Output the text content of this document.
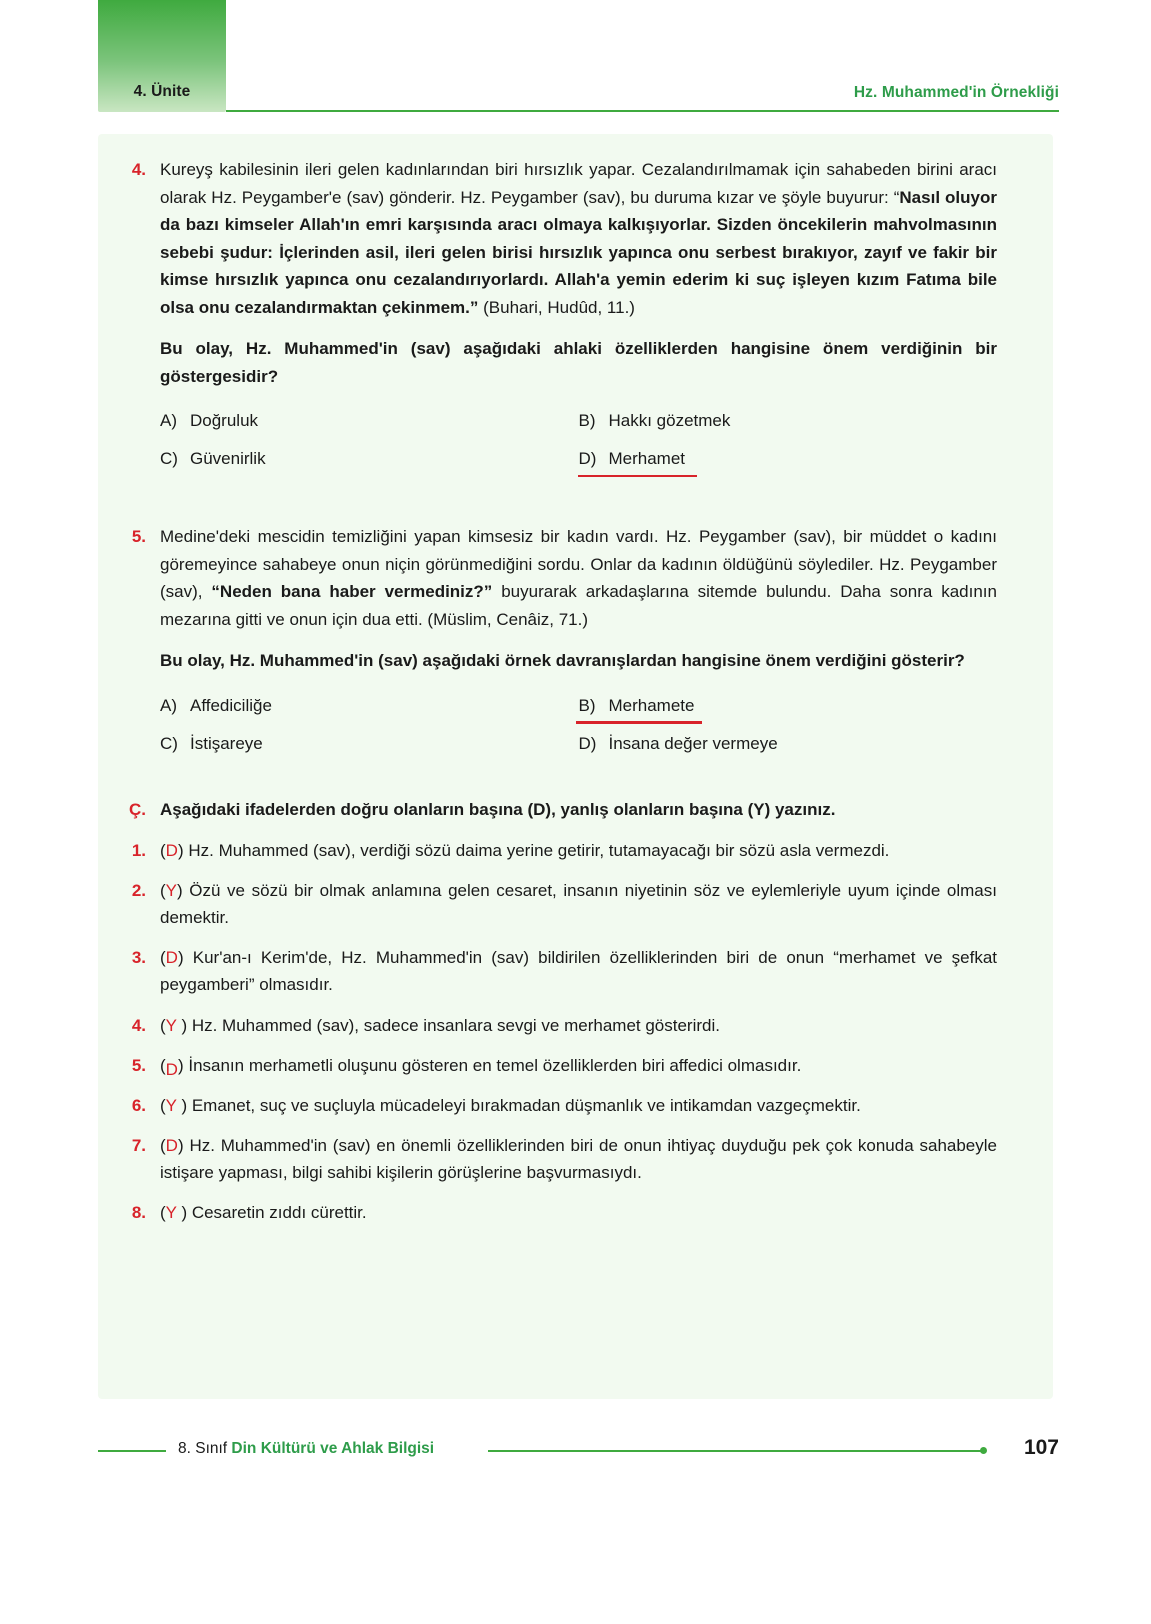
4. Ünite	Hz. Muhammed'in Örnekliği
4. Kureyş kabilesinin ileri gelen kadınlarından biri hırsızlık yapar. Cezalandırılmamak için sahabeden birini aracı olarak Hz. Peygamber'e (sav) gönderir. Hz. Peygamber (sav), bu duruma kızar ve şöyle buyurur: “Nasıl oluyor da bazı kimseler Allah'ın emri karşısında aracı olmaya kalkışıyorlar. Sizden öncekilerin mahvolmasının sebebi şudur: İçlerinden asil, ileri gelen birisi hırsızlık yapınca onu serbest bırakıyor, zayıf ve fakir bir kimse hırsızlık yapınca onu cezalandırıyorlardı. Allah'a yemin ederim ki suç işleyen kızım Fatıma bile olsa onu cezalandırmaktan çekinmem.” (Buhari, Hudûd, 11.)
Bu olay, Hz. Muhammed'in (sav) aşağıdaki ahlaki özelliklerden hangisine önem verdiğinin bir göstergesidir?
A) Doğruluk	B) Hakkı gözetmek
C) Güvenirlik	D) Merhamet
5. Medine'deki mescidin temizliğini yapan kimsesiz bir kadın vardı. Hz. Peygamber (sav), bir müddet o kadını göremeyince sahabeye onun niçin görünmediğini sordu. Onlar da kadının öldüğünü söylediler. Hz. Peygamber (sav), “Neden bana haber vermediniz?” buyurarak arkadaşlarına sitemde bulundu. Daha sonra kadının mezarına gitti ve onun için dua etti. (Müslim, Cenâiz, 71.)
Bu olay, Hz. Muhammed'in (sav) aşağıdaki örnek davranışlardan hangisine önem verdiğini gösterir?
A) Affediciliğe	B) Merhamete
C) İstişareye	D) İnsana değer vermeye
Ç. Aşağıdaki ifadelerden doğru olanların başına (D), yanlış olanların başına (Y) yazınız.
1. (D) Hz. Muhammed (sav), verdiği sözü daima yerine getirir, tutamayacağı bir sözü asla vermezdi.
2. (Y) Özü ve sözü bir olmak anlamına gelen cesaret, insanın niyetinin söz ve eylemleriyle uyum içinde olması demektir.
3. (D) Kur'an-ı Kerim'de, Hz. Muhammed'in (sav) bildirilen özelliklerinden biri de onun “merhamet ve şefkat peygamberi” olmasıdır.
4. (Y ) Hz. Muhammed (sav), sadece insanlara sevgi ve merhamet gösterirdi.
5. (D) İnsanın merhametli oluşunu gösteren en temel özelliklerden biri affedici olmasıdır.
6. (Y ) Emanet, suç ve suçluyla mücadeleyi bırakmadan düşmanlık ve intikamdan vazgeçmektir.
7. (D) Hz. Muhammed'in (sav) en önemli özelliklerinden biri de onun ihtiyaç duyduğu pek çok konuda sahabeyle istişare yapması, bilgi sahibi kişilerin görüşlerine başvurmasıydı.
8. (Y ) Cesaretin zıddı cürettir.
8. Sınıf Din Kültürü ve Ahlak Bilgisi	107
